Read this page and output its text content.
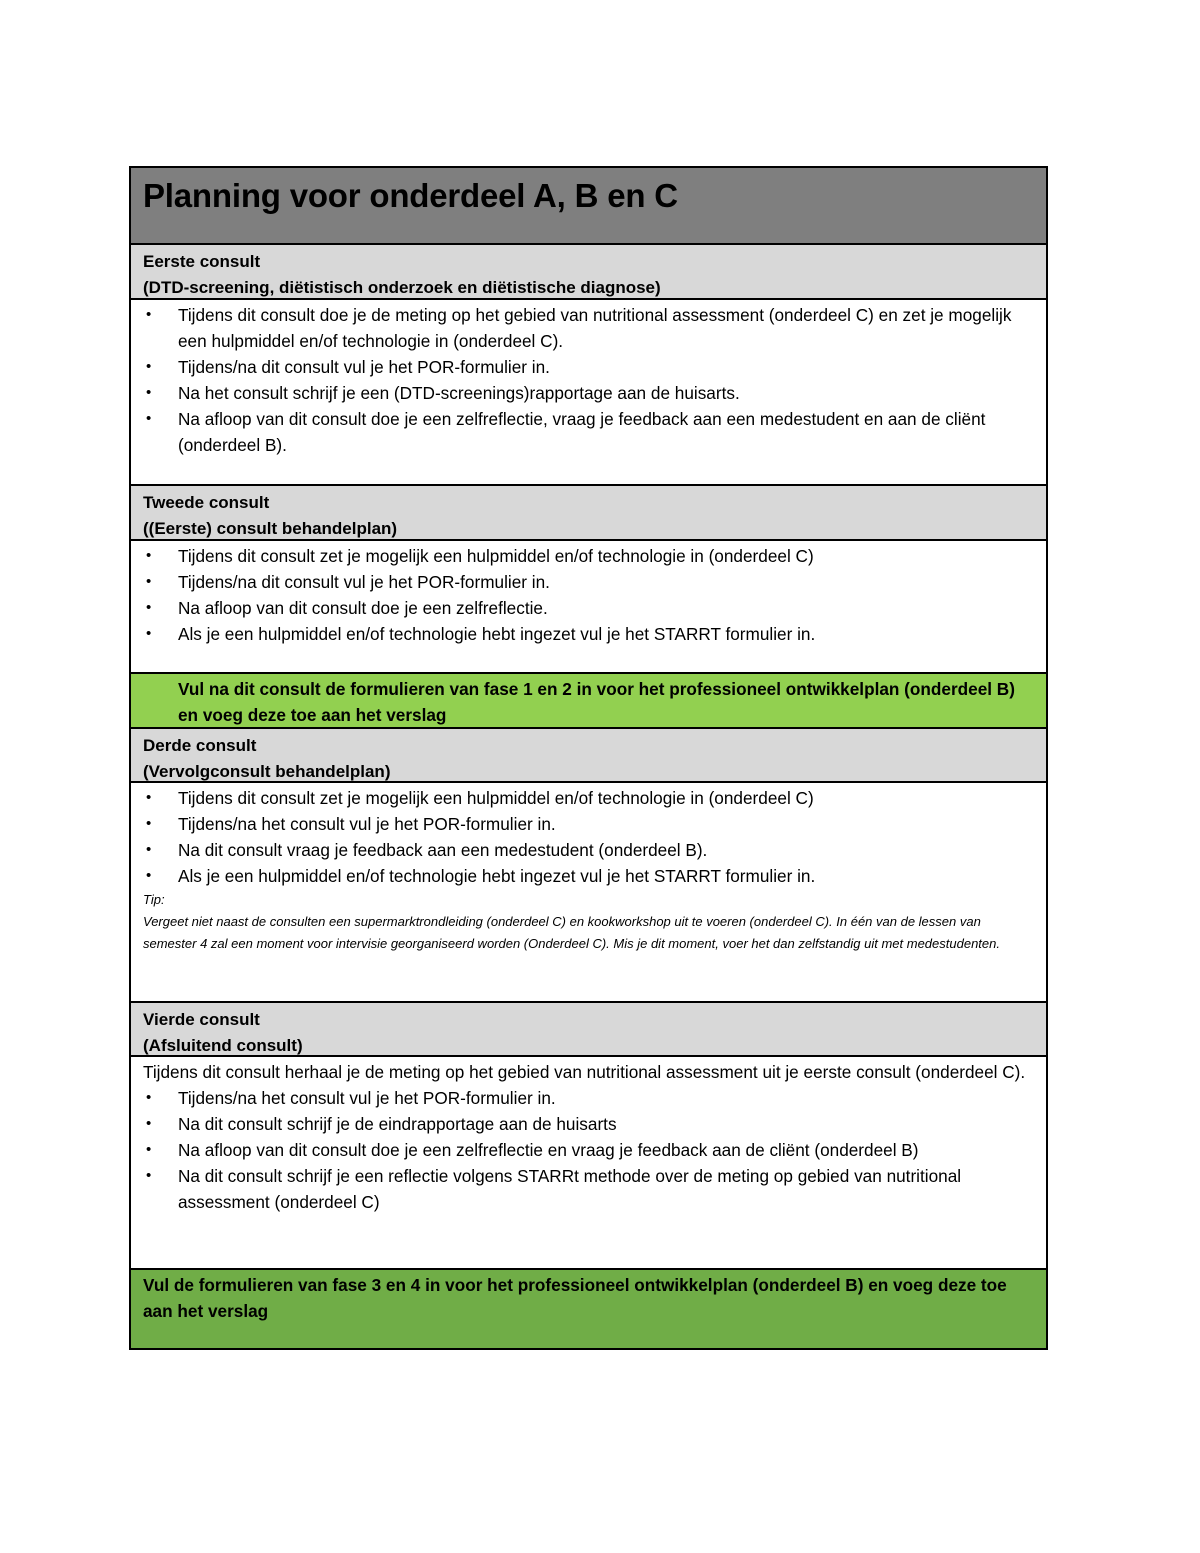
Planning voor onderdeel A, B en C
Eerste consult
(DTD-screening, diëtistisch onderzoek en diëtistische diagnose)
• Tijdens dit consult doe je de meting op het gebied van nutritional assessment (onderdeel C) en zet je mogelijk een hulpmiddel en/of technologie in (onderdeel C).
• Tijdens/na dit consult vul je het POR-formulier in.
• Na het consult schrijf je een (DTD-screenings)rapportage aan de huisarts.
• Na afloop van dit consult doe je een zelfreflectie, vraag je feedback aan een medestudent en aan de cliënt (onderdeel B).
Tweede consult
((Eerste) consult behandelplan)
• Tijdens dit consult zet je mogelijk een hulpmiddel en/of technologie in (onderdeel C)
• Tijdens/na dit consult vul je het POR-formulier in.
• Na afloop van dit consult doe je een zelfreflectie.
• Als je een hulpmiddel en/of technologie hebt ingezet vul je het STARRT formulier in.
Vul na dit consult de formulieren van fase 1 en 2 in voor het professioneel ontwikkelplan (onderdeel B) en voeg deze toe aan het verslag
Derde consult
(Vervolgconsult behandelplan)
• Tijdens dit consult zet je mogelijk een hulpmiddel en/of technologie in (onderdeel C)
• Tijdens/na het consult vul je het POR-formulier in.
• Na dit consult vraag je feedback aan een medestudent (onderdeel B).
• Als je een hulpmiddel en/of technologie hebt ingezet vul je het STARRT formulier in.
Tip:
Vergeet niet naast de consulten een supermarktrondleiding (onderdeel C) en kookworkshop uit te voeren (onderdeel C). In één van de lessen van semester 4 zal een moment voor intervisie georganiseerd worden (Onderdeel C). Mis je dit moment, voer het dan zelfstandig uit met medestudenten.
Vierde consult
(Afsluitend consult)
Tijdens dit consult herhaal je de meting op het gebied van nutritional assessment uit je eerste consult (onderdeel C).
• Tijdens/na het consult vul je het POR-formulier in.
• Na dit consult schrijf je de eindrapportage aan de huisarts
• Na afloop van dit consult doe je een zelfreflectie en vraag je feedback aan de cliënt (onderdeel B)
• Na dit consult schrijf je een reflectie volgens STARRt methode over de meting op gebied van nutritional assessment (onderdeel C)
Vul de formulieren van fase 3 en 4 in voor het professioneel ontwikkelplan (onderdeel B) en voeg deze toe aan het verslag
